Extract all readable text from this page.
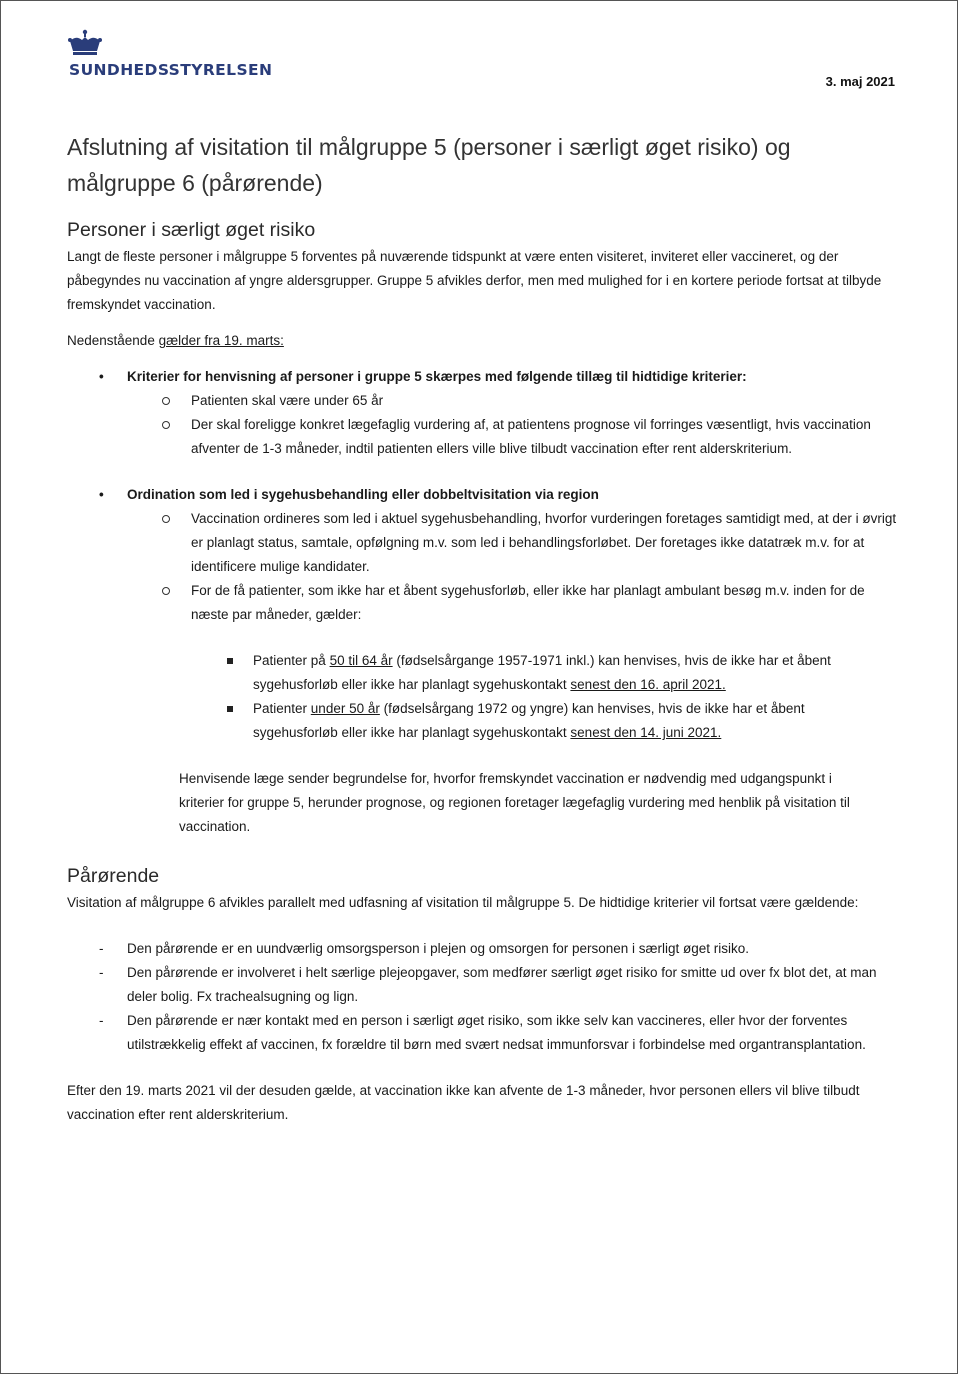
SUNDHEDSSTYRELSEN
3. maj 2021
Afslutning af visitation til målgruppe 5 (personer i særligt øget risiko) og målgruppe 6 (pårørende)
Personer i særligt øget risiko

Langt de fleste personer i målgruppe 5 forventes på nuværende tidspunkt at være enten visiteret, inviteret eller vaccineret, og der påbegyndes nu vaccination af yngre aldersgrupper. Gruppe 5 afvikles derfor, men med mulighed for i en kortere periode fortsat at tilbyde fremskyndet vaccination.

Nedenstående gælder fra 19. marts:

• Kriterier for henvisning af personer i gruppe 5 skærpes med følgende tillæg til hidtidige kriterier:
Patienten skal være under 65 år
Der skal foreligge konkret lægefaglig vurdering af, at patientens prognose vil forringes væsentligt, hvis vaccination afventer de 1-3 måneder, indtil patienten ellers ville blive tilbudt vaccination efter rent alderskriterium.
• Ordination som led i sygehusbehandling eller dobbeltvisitation via region
Vaccination ordineres som led i aktuel sygehusbehandling, hvorfor vurderingen foretages samtidigt med, at der i øvrigt er planlagt status, samtale, opfølgning m.v. som led i behandlingsforløbet. Der foretages ikke datatræk m.v. for at identificere mulige kandidater.
For de få patienter, som ikke har et åbent sygehusforløb, eller ikke har planlagt ambulant besøg m.v. inden for de næste par måneder, gælder:
Patienter på 50 til 64 år (fødselsårgange 1957-1971 inkl.) kan henvises, hvis de ikke har et åbent sygehusforløb eller ikke har planlagt sygehuskontakt senest den 16. april 2021.
Patienter under 50 år (fødselsårgang 1972 og yngre) kan henvises, hvis de ikke har et åbent sygehusforløb eller ikke har planlagt sygehuskontakt senest den 14. juni 2021.

Henvisende læge sender begrundelse for, hvorfor fremskyndet vaccination er nødvendig med udgangspunkt i kriterier for gruppe 5, herunder prognose, og regionen foretager lægefaglig vurdering med henblik på visitation til vaccination.

Pårørende

Visitation af målgruppe 6 afvikles parallelt med udfasning af visitation til målgruppe 5. De hidtidige kriterier vil fortsat være gældende:

- Den pårørende er en uundværlig omsorgsperson i plejen og omsorgen for personen i særligt øget risiko.
- Den pårørende er involveret i helt særlige plejeopgaver, som medfører særligt øget risiko for smitte ud over fx blot det, at man deler bolig. Fx trachealsugning og lign.
- Den pårørende er nær kontakt med en person i særligt øget risiko, som ikke selv kan vaccineres, eller hvor der forventes utilstrækkelig effekt af vaccinen, fx forældre til børn med svært nedsat immunforsvar i forbindelse med organtransplantation.

Efter den 19. marts 2021 vil der desuden gælde, at vaccination ikke kan afvente de 1-3 måneder, hvor personen ellers vil blive tilbudt vaccination efter rent alderskriterium.
